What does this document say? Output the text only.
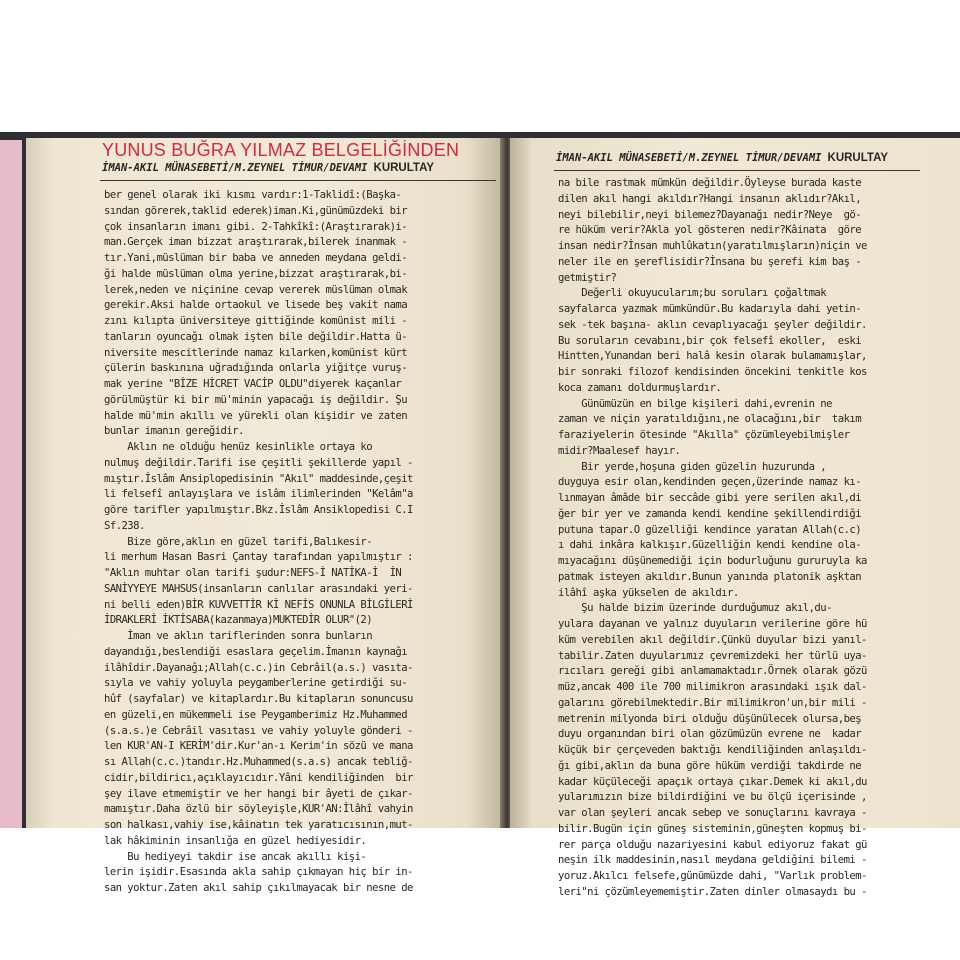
YUNUS BUĞRA YILMAZ BELGELİĞİNDEN
İMAN-AKIL MÜNASEBETİ/M.ZEYNEL TİMUR/DEVAMI KURULTAY
ber genel olarak iki kısmı vardır:1-Taklidî:(Başka-
sından görerek,taklid ederek)iman.Ki,günümüzdeki bir
çok insanların imanı gibi. 2-Tahkîkî:(Araştırarak)i-
man.Gerçek iman bizzat araştırarak,bilerek inanmak -
tır.Yani,müslüman bir baba ve anneden meydana geldi-
ği halde müslüman olma yerine,bizzat araştırarak,bi-
lerek,neden ve niçinine cevap vererek müslüman olmak
gerekir.Aksi halde ortaokul ve lisede beş vakit nama
zını kılıpta üniversiteye gittiğinde komünist mili -
tanların oyuncağı olmak işten bile değildir.Hatta ü-
niversite mescitlerinde namaz kılarken,komünist kürt
çülerin baskınına uğradığında onlarla yiğitçe vuruş-
mak yerine "BİZE HİCRET VACİP OLDU"diyerek kaçanlar
görülmüştür ki bir mü'minin yapacağı iş değildir. Şu
halde mü'min akıllı ve yürekli olan kişidir ve zaten
bunlar imanın gereğidir.
Aklın ne olduğu henüz kesinlikle ortaya ko
nulmuş değildir.Tarifi ise çeşitli şekillerde yapıl -
mıştır.İslâm Ansiplopedisinin "Akıl" maddesinde,çeşit
li felsefî anlayışlara ve islâm ilimlerinden "Kelâm"a
göre tarifler yapılmıştır.Bkz.İslâm Ansiklopedisi C.I
Sf.238.
Bize göre,aklın en güzel tarifi,Balıkesir-
li merhum Hasan Basri Çantay tarafından yapılmıştır :
"Aklın muhtar olan tarifi şudur:NEFS-İ NATİKA-İ  İN
SANİYYEYE MAHSUS(insanların canlılar arasındaki yeri-
ni belli eden)BİR KUVVETTİR Kİ NEFİS ONUNLA BİLGİLERİ
İDRAKLERİ İKTİSABA(kazanmaya)MUKTEDİR OLUR"(2)
İman ve aklın tariflerinden sonra bunların
dayandığı,beslendiği esaslara geçelim.İmanın kaynağı
ilâhîdir.Dayanağı;Allah(c.c.)in Cebrâil(a.s.) vasıta-
sıyla ve vahiy yoluyla peygamberlerine getirdiği su-
hûf (sayfalar) ve kitaplardır.Bu kitapların sonuncusu
en güzeli,en mükemmeli ise Peygamberimiz Hz.Muhammed
(s.a.s.)e Cebrâil vasıtası ve vahiy yoluyle gönderi -
len KUR'AN-I KERİM'dir.Kur'an-ı Kerim'in sözü ve mana
sı Allah(c.c.)tandır.Hz.Muhammed(s.a.s) ancak tebliğ-
cidir,bildiricı,açıklayıcıdır.Yâni kendiliğinden  bir
şey ilave etmemiştir ve her hangi bir âyeti de çıkar-
mamıştır.Daha özlü bir söyleyişle,KUR'AN:İlâhî vahyin
son halkası,vahiy ise,kâinatın tek yaratıcısının,mut-
lak hâkiminin insanlığa en güzel hediyesidir.
Bu hediyeyi takdir ise ancak akıllı kişi-
lerin işidir.Esasında akla sahip çıkmayan hiç bir in-
san yoktur.Zaten akıl sahip çıkılmayacak bir nesne de
İMAN-AKIL MÜNASEBETİ/M.ZEYNEL TİMUR/DEVAMI KURULTAY
na bile rastmak mümkün değildir.Öyleyse burada kaste
dilen akıl hangi akıldır?Hangi insanın aklıdır?Akıl,
neyi bilebilir,neyi bilemez?Dayanağı nedir?Neye  gö-
re hüküm verir?Akla yol gösteren nedir?Kâinata  göre
insan nedir?İnsan muhlûkatın(yaratılmışların)niçin ve
neler ile en şereflisidir?İnsana bu şerefi kim baş -
getmiştir?
Değerli okuyucularım;bu soruları çoğaltmak
sayfalarca yazmak mümkündür.Bu kadarıyla dahi yetin-
sek -tek başına- aklın cevaplıyacağı şeyler değildir.
Bu soruların cevabını,bir çok felsefî ekoller,  eski
Hintten,Yunandan beri halâ kesin olarak bulamamışlar,
bir sonraki filozof kendisinden öncekini tenkitle kos
koca zamanı doldurmuşlardır.
Günümüzün en bilge kişileri dahi,evrenin ne
zaman ve niçin yaratıldığını,ne olacağını,bir  takım
faraziyelerin ötesinde "Akılla" çözümleyebilmişler
midir?Maalesef hayır.
Bir yerde,hoşuna giden güzelin huzurunda ,
duyguya esir olan,kendinden geçen,üzerinde namaz kı-
lınmayan âmâde bir seccâde gibi yere serilen akıl,di
ğer bir yer ve zamanda kendi kendine şekillendirdiği
putuna tapar.O güzelliği kendince yaratan Allah(c.c)
ı dahi inkâra kalkışır.Güzelliğin kendi kendine ola-
mıyacağını düşünemediği için bodurluğunu gururuyla ka
patmak isteyen akıldır.Bunun yanında platonik aşktan
ilâhî aşka yükselen de akıldır.
Şu halde bizim üzerinde durduğumuz akıl,du-
yulara dayanan ve yalnız duyuların verilerine göre hü
küm verebilen akıl değildir.Çünkü duyular bizi yanıl-
tabilir.Zaten duyularımız çevremizdeki her türlü uya-
rıcıları gereği gibi anlamamaktadır.Örnek olarak gözü
müz,ancak 400 ile 700 milimikron arasındaki ışık dal-
galarını görebilmektedir.Bir milimikron'un,bir mili -
metrenin milyonda biri olduğu düşünülecek olursa,beş
duyu organından biri olan gözümüzün evrene ne  kadar
küçük bir çerçeveden baktığı kendiliğinden anlaşıldı-
ğı gibi,aklın da buna göre hüküm verdiği takdirde ne
kadar küçüleceği apaçık ortaya çıkar.Demek ki akıl,du
yularımızın bize bildirdiğini ve bu ölçü içerisinde ,
var olan şeyleri ancak sebep ve sonuçlarını kavraya -
bilir.Bugün için güneş sisteminin,güneşten kopmuş bi-
rer parça olduğu nazariyesini kabul ediyoruz fakat gü
neşin ilk maddesinin,nasıl meydana geldiğini bilemi -
yoruz.Akılcı felsefe,günümüzde dahi, "Varlık problem-
leri"ni çözümleyememiştir.Zaten dinler olmasaydı bu -
